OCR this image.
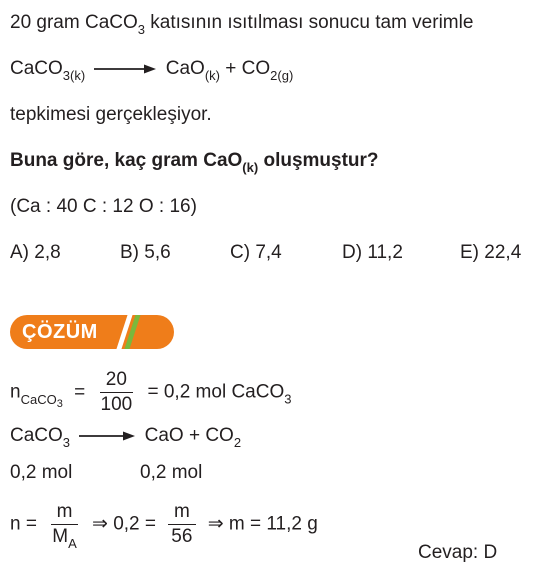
20 gram CaCO$_3$ katısının ısıtılması sonucu tam verimle
CaCO$_{3(k)}$ → $CaO_{(k)} + CO_{2(g)}$
tepkimesi gerçekleşiyor.
Buna göre, kaç gram CaO$_{(k)}$ oluşmuştur?
(Ca : 40 C : 12 O : 16)
A) 2,8	B) 5,6	C) 7,4	D) 11,2	E) 22,4
ÇÖZÜM
$n_{CaCO_3} = \frac{20}{100} = 0,2$ mol CaCO$_3$
CaCO$_3$	CaO + $CO_2$
0,2 mol	0,2 mol
$n = \frac{m}{M_A}$ ⇒ $0,2 = \frac{m}{56}$ ⇒ m = 11,2 g
Cevap: D
